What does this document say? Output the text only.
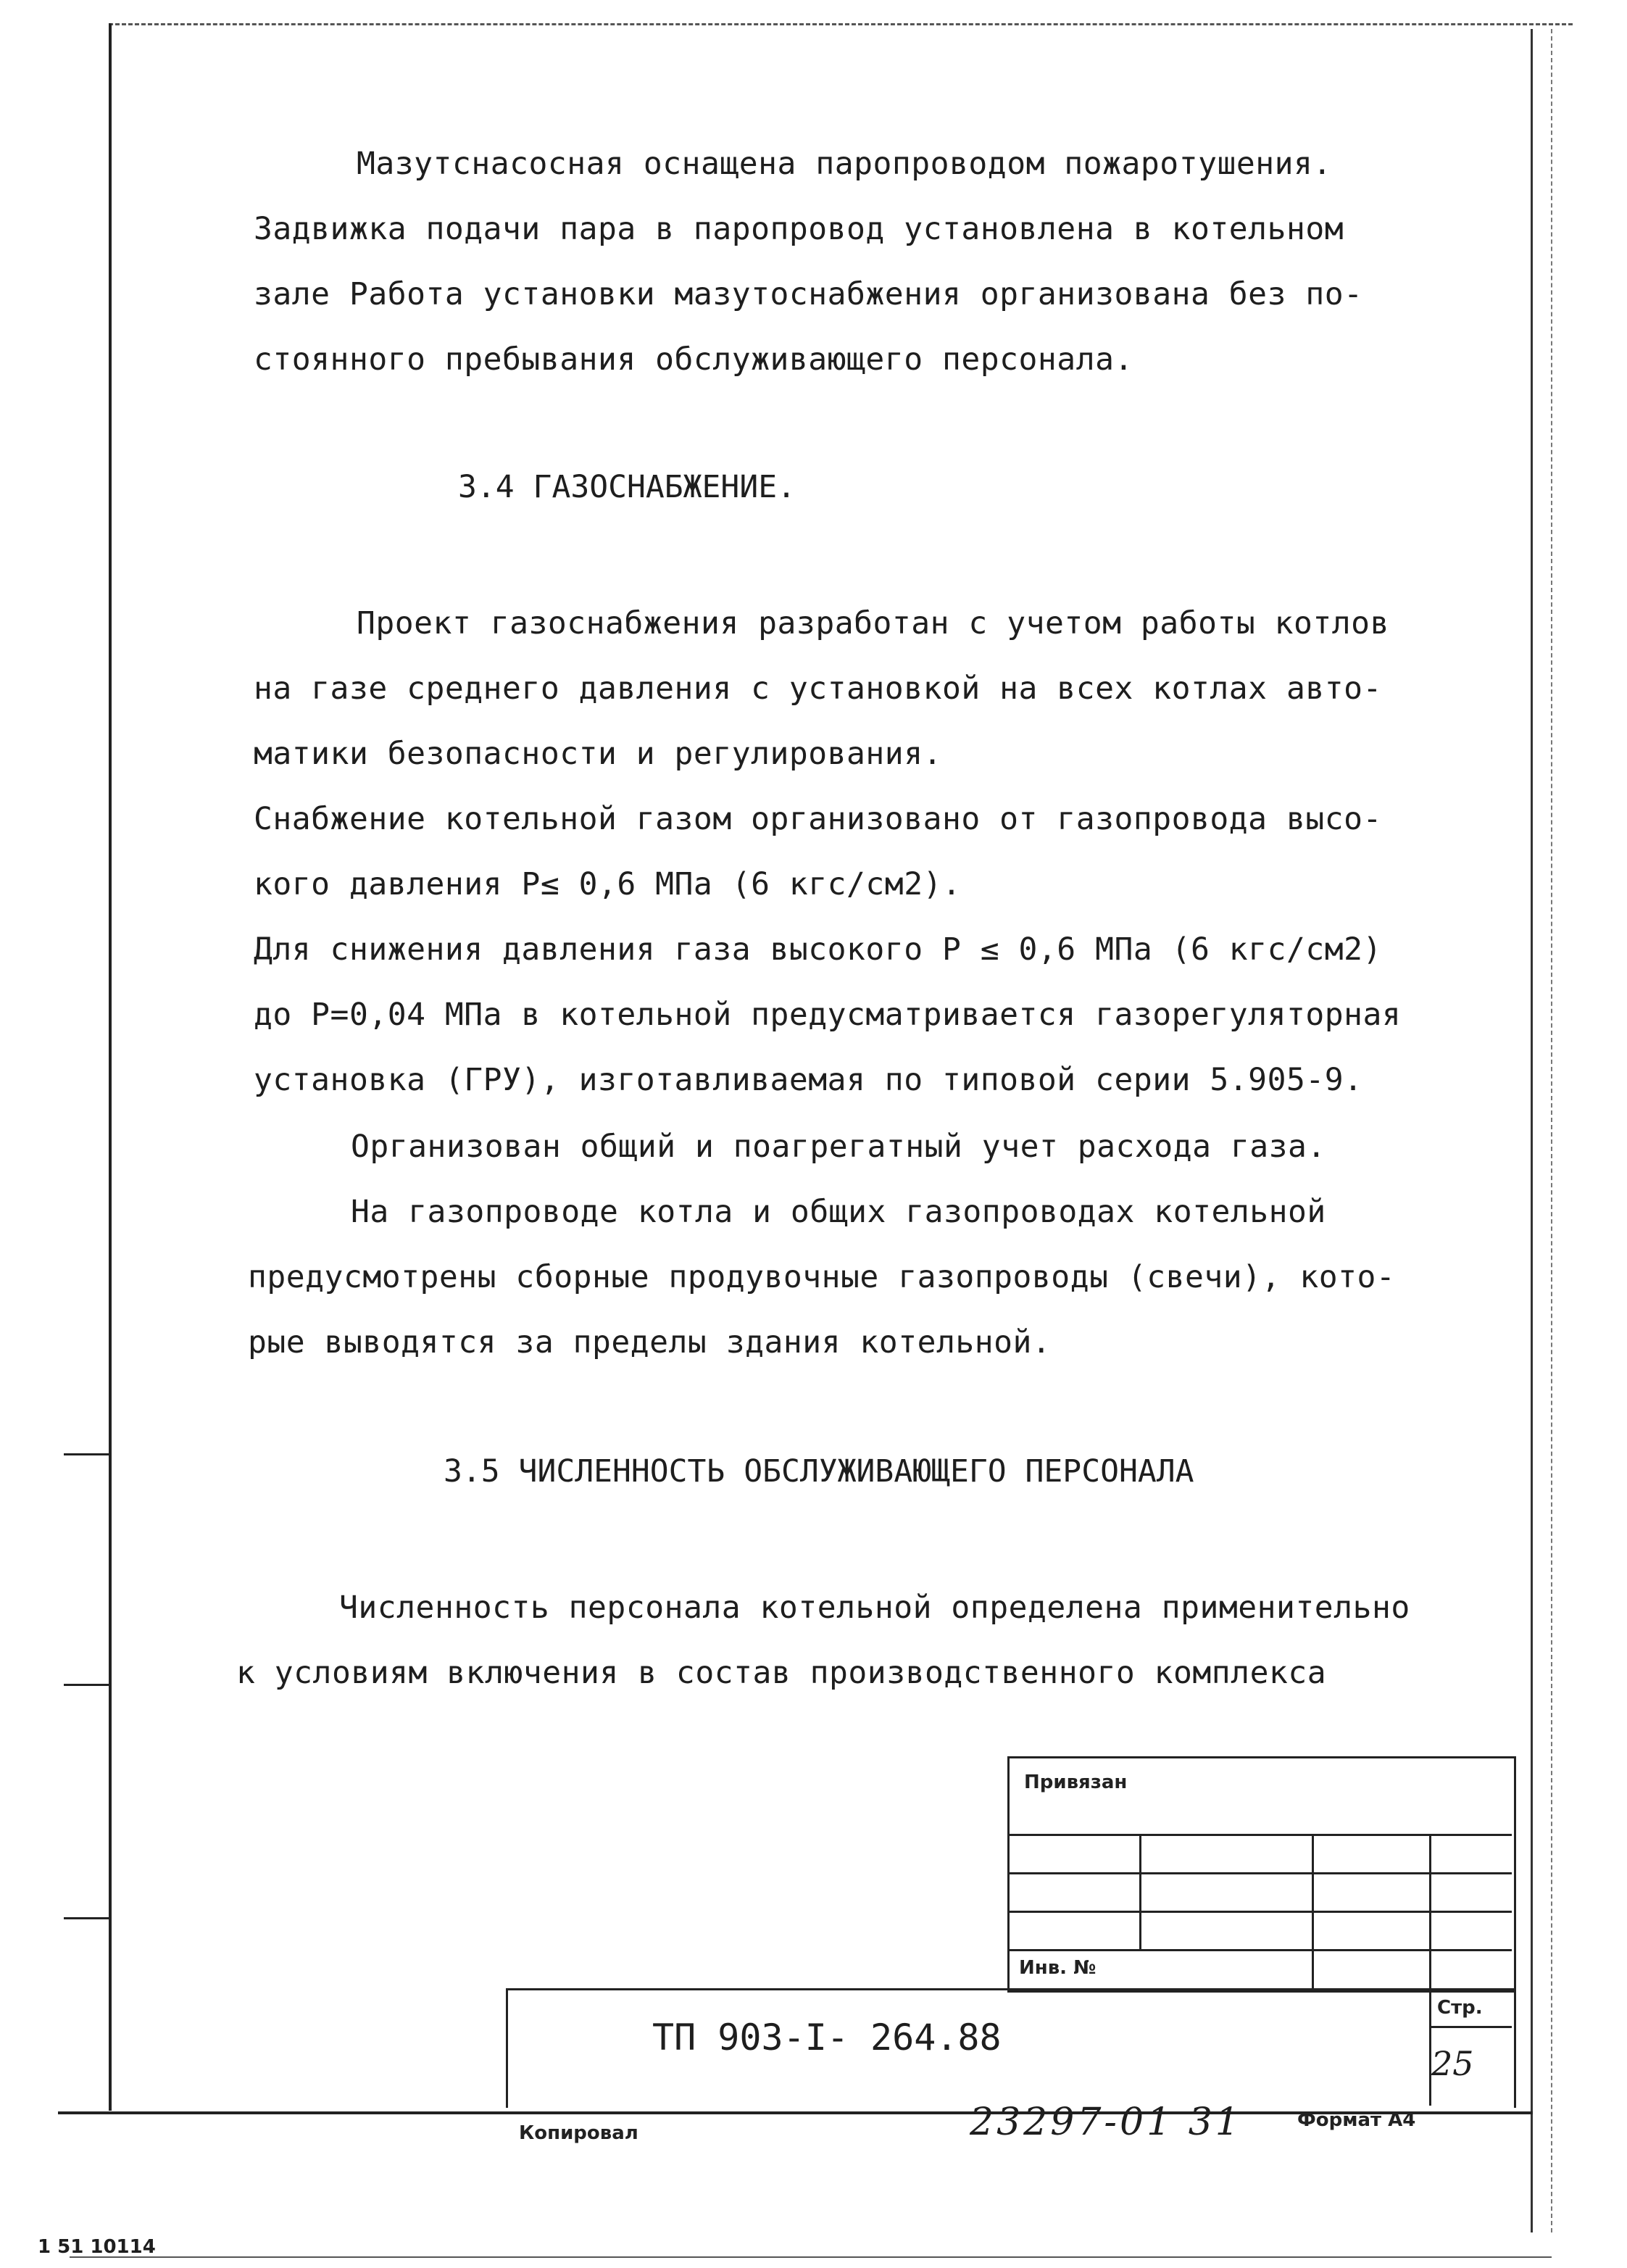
Мазутснасосная оснащена паропроводом пожаротушения.
Задвижка подачи пара в паропровод установлена в котельном
зале Работа установки мазутоснабжения организована без по-
стоянного пребывания обслуживающего персонала.
3.4 ГАЗОСНАБЖЕНИЕ.
Проект газоснабжения разработан с учетом работы котлов
на газе среднего давления с установкой на всех котлах авто-
матики безопасности и регулирования.
Снабжение котельной газом организовано от газопровода высо-
кого давления Р≤ 0,6 МПа (6 кгс/см2).
Для снижения давления газа высокого Р ≤ 0,6 МПа (6 кгс/см2)
до Р=0,04 МПа в котельной предусматривается газорегуляторная
установка (ГРУ), изготавливаемая по типовой серии 5.905-9.
Организован общий и поагрегатный учет расхода газа.
На газопроводе котла и общих газопроводах котельной
предусмотрены сборные продувочные газопроводы (свечи), кото-
рые выводятся за пределы здания котельной.
3.5 ЧИСЛЕННОСТЬ ОБСЛУЖИВАЮЩЕГО ПЕРСОНАЛА
Численность персонала котельной определена применительно
к условиям включения в состав производственного комплекса
Привязан
Инв. №
Стр.
25
ТП 903-I- 264.88
Копировал	23297-01 31	Формат А4
1 51 10114
